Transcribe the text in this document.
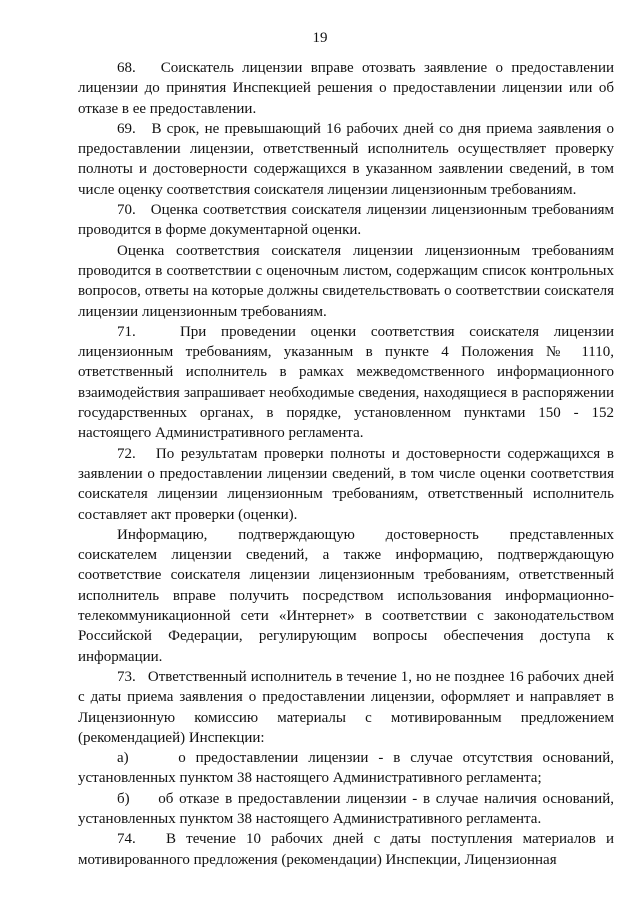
19

68.   Соискатель лицензии вправе отозвать заявление о предоставлении лицензии до принятия Инспекцией решения о предоставлении лицензии или об отказе в ее предоставлении.

69.   В срок, не превышающий 16 рабочих дней со дня приема заявления о предоставлении лицензии, ответственный исполнитель осуществляет проверку полноты и достоверности содержащихся в указанном заявлении сведений, в том числе оценку соответствия соискателя лицензии лицензионным требованиям.

70.   Оценка соответствия соискателя лицензии лицензионным требованиям проводится в форме документарной оценки.

Оценка соответствия соискателя лицензии лицензионным требованиям проводится в соответствии с оценочным листом, содержащим список контрольных вопросов, ответы на которые должны свидетельствовать о соответствии соискателя лицензии лицензионным требованиям.

71.   При проведении оценки соответствия соискателя лицензии лицензионным требованиям, указанным в пункте 4 Положения № 1110, ответственный исполнитель в рамках межведомственного информационного взаимодействия запрашивает необходимые сведения, находящиеся в распоряжении государственных органах, в порядке, установленном пунктами 150 - 152 настоящего Административного регламента.

72.   По результатам проверки полноты и достоверности содержащихся в заявлении о предоставлении лицензии сведений, в том числе оценки соответствия соискателя лицензии лицензионным требованиям, ответственный исполнитель составляет акт проверки (оценки).

Информацию, подтверждающую достоверность представленных соискателем лицензии сведений, а также информацию, подтверждающую соответствие соискателя лицензии лицензионным требованиям, ответственный исполнитель вправе получить посредством использования информационно-телекоммуникационной сети «Интернет» в соответствии с законодательством Российской Федерации, регулирующим вопросы обеспечения доступа к информации.

73.   Ответственный исполнитель в течение 1, но не позднее 16 рабочих дней с даты приема заявления о предоставлении лицензии, оформляет и направляет в Лицензионную комиссию материалы с мотивированным предложением (рекомендацией) Инспекции:

а)     о предоставлении лицензии - в случае отсутствия оснований, установленных пунктом 38 настоящего Административного регламента;

б)     об отказе в предоставлении лицензии - в случае наличия оснований, установленных пунктом 38 настоящего Административного регламента.

74.   В течение 10 рабочих дней с даты поступления материалов и мотивированного предложения (рекомендации) Инспекции, Лицензионная
